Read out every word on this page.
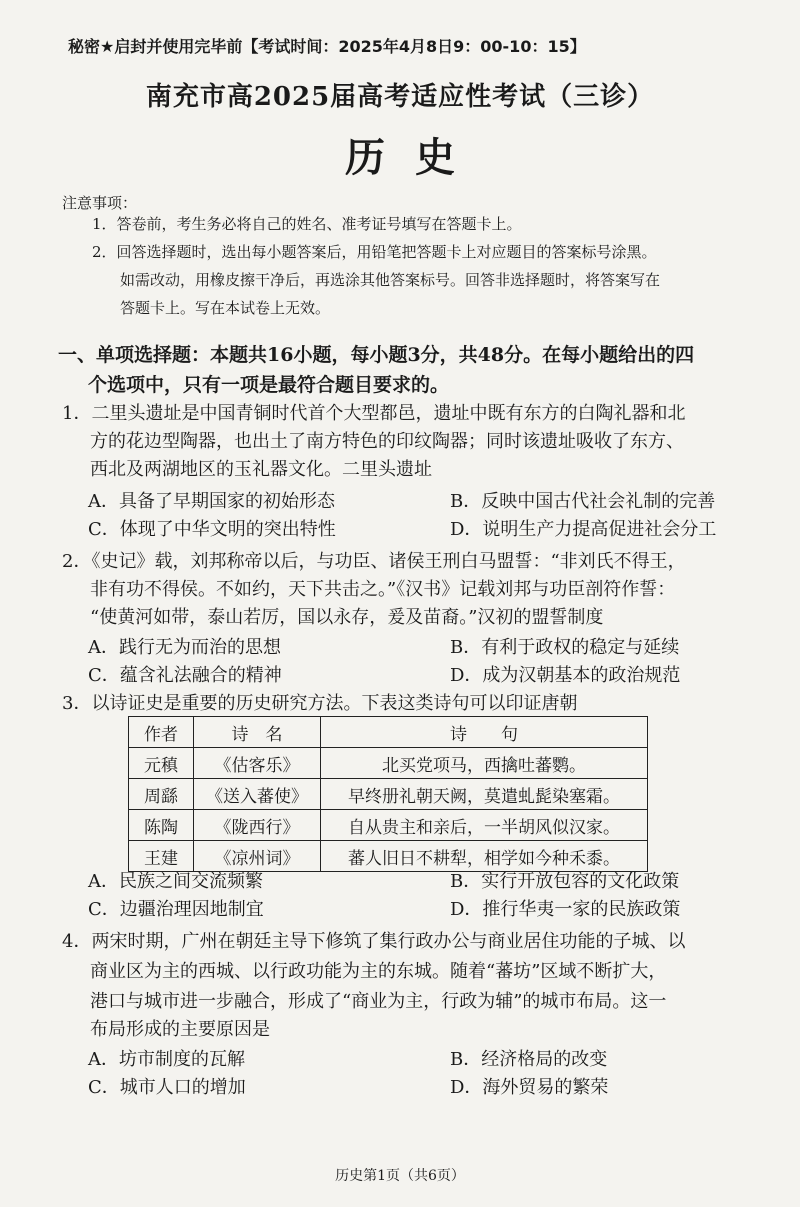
秘密★启封并使用完毕前【考试时间：2025年4月8日9：00-10：15】
南充市高2025届高考适应性考试（三诊）
历史
注意事项：
1．答卷前，考生务必将自己的姓名、准考证号填写在答题卡上。
2．回答选择题时，选出每小题答案后，用铅笔把答题卡上对应题目的答案标号涂黑。
如需改动，用橡皮擦干净后，再选涂其他答案标号。回答非选择题时，将答案写在
答题卡上。写在本试卷上无效。
一、单项选择题：本题共16小题，每小题3分，共48分。在每小题给出的四
个选项中，只有一项是最符合题目要求的。
1．二里头遗址是中国青铜时代首个大型都邑，遗址中既有东方的白陶礼器和北
方的花边型陶器，也出土了南方特色的印纹陶器；同时该遗址吸收了东方、
西北及两湖地区的玉礼器文化。二里头遗址
A．具备了早期国家的初始形态	B．反映中国古代社会礼制的完善
C．体现了中华文明的突出特性	D．说明生产力提高促进社会分工
2．《史记》载，刘邦称帝以后，与功臣、诸侯王刑白马盟誓：“非刘氏不得王，
非有功不得侯。不如约，天下共击之。”《汉书》记载刘邦与功臣剖符作誓：
“使黄河如带，泰山若厉，国以永存，爰及苗裔。”汉初的盟誓制度
A．践行无为而治的思想	B．有利于政权的稳定与延续
C．蕴含礼法融合的精神	D．成为汉朝基本的政治规范
3．以诗证史是重要的历史研究方法。下表这类诗句可以印证唐朝
作者	诗　名	诗　　句
元稹	《估客乐》	北买党项马，西擒吐蕃鹦。
周繇	《送入蕃使》	早终册礼朝天阙，莫遣虬髭染塞霜。
陈陶	《陇西行》	自从贵主和亲后，一半胡风似汉家。
王建	《凉州词》	蕃人旧日不耕犁，相学如今种禾黍。
A．民族之间交流频繁	B．实行开放包容的文化政策
C．边疆治理因地制宜	D．推行华夷一家的民族政策
4．两宋时期，广州在朝廷主导下修筑了集行政办公与商业居住功能的子城、以
商业区为主的西城、以行政功能为主的东城。随着“蕃坊”区域不断扩大，
港口与城市进一步融合，形成了“商业为主，行政为辅”的城市布局。这一
布局形成的主要原因是
A．坊市制度的瓦解	B．经济格局的改变
C．城市人口的增加	D．海外贸易的繁荣
历史第1页（共6页）
